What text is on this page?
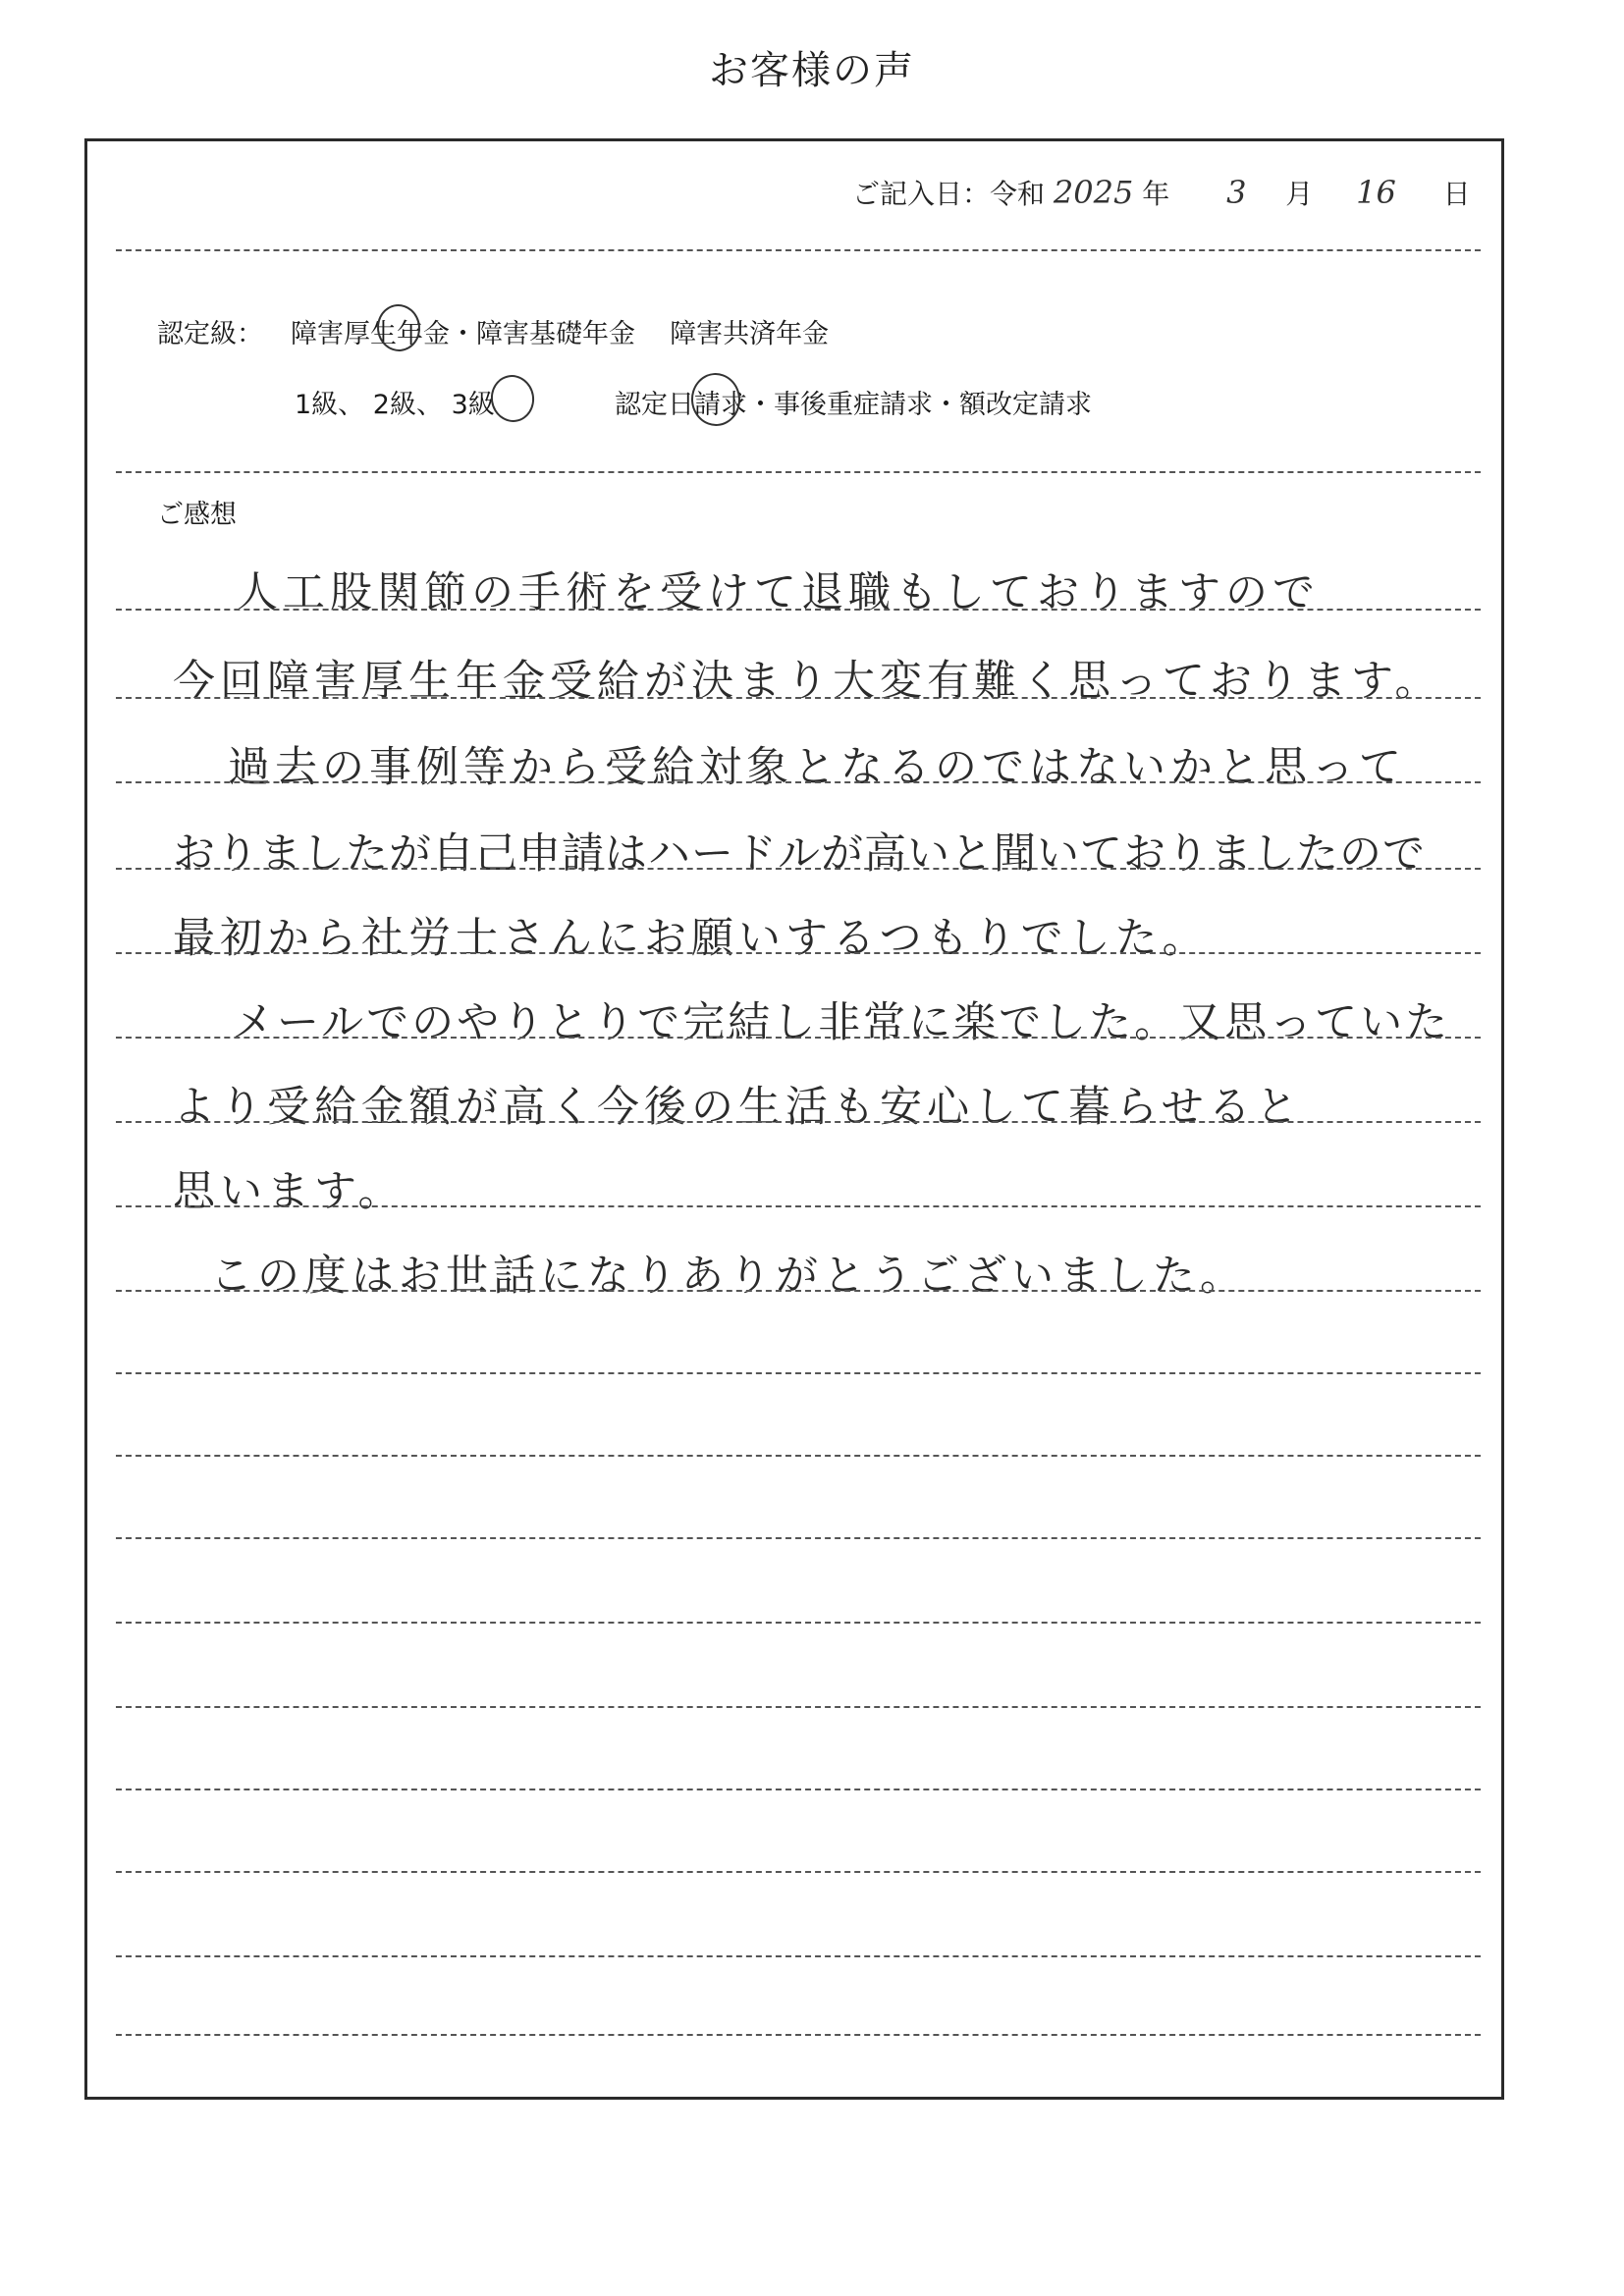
お客様の声
ご記入日：令和 2025 年 3 月 16 日
認定級： 障害厚生年金・障害基礎年金 障害共済年金
1級、 2級、 3級	認定日請求・事後重症請求・額改定請求
ご感想
人工股関節の手術を受けて退職もしておりますので
今回障害厚生年金受給が決まり大変有難く思っております。
過去の事例等から受給対象となるのではないかと思って
おりましたが自己申請はハードルが高いと聞いておりましたので
最初から社労士さんにお願いするつもりでした。
メールでのやりとりで完結し非常に楽でした。又思っていた
より受給金額が高く今後の生活も安心して暮らせると
思います。
この度はお世話になりありがとうございました。
